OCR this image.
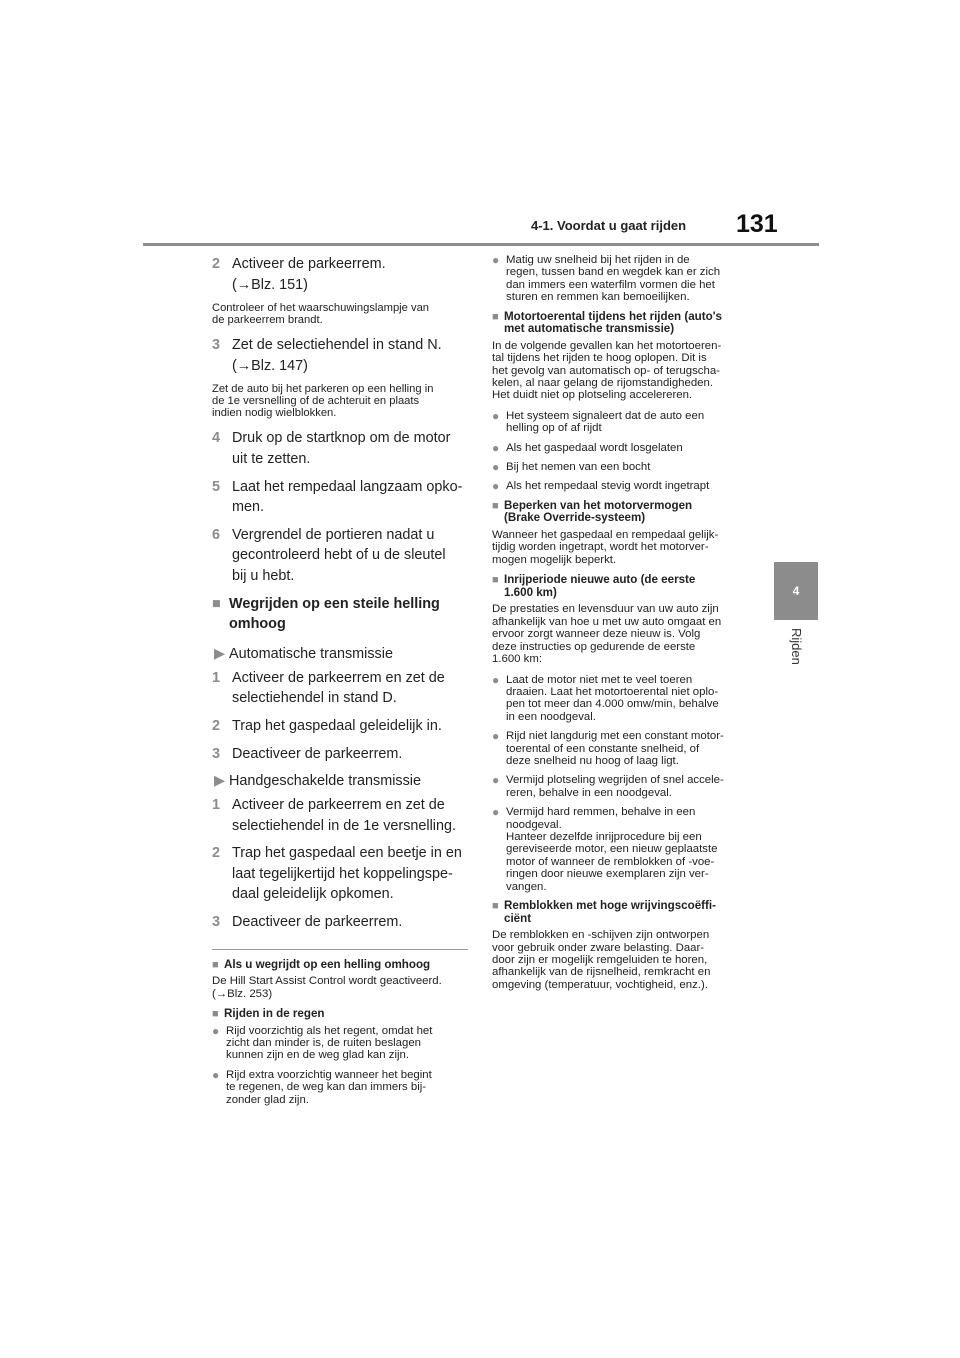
4-1. Voordat u gaat rijden 131
4
Rijden
2 Activeer de parkeerrem.
(→Blz. 151)
Controleer of het waarschuwingslampje van
de parkeerrem brandt.
3 Zet de selectiehendel in stand N.
(→Blz. 147)
Zet de auto bij het parkeren op een helling in
de 1e versnelling of de achteruit en plaats
indien nodig wielblokken.
4 Druk op de startknop om de motor
uit te zetten.
5 Laat het rempedaal langzaam opko-
men.
6 Vergrendel de portieren nadat u
gecontroleerd hebt of u de sleutel
bij u hebt.
■ Wegrijden op een steile helling
omhoog
▶ Automatische transmissie
1 Activeer de parkeerrem en zet de
selectiehendel in stand D.
2 Trap het gaspedaal geleidelijk in.
3 Deactiveer de parkeerrem.
▶ Handgeschakelde transmissie
1 Activeer de parkeerrem en zet de
selectiehendel in de 1e versnelling.
2 Trap het gaspedaal een beetje in en
laat tegelijkertijd het koppelingspe-
daal geleidelijk opkomen.
3 Deactiveer de parkeerrem.
■ Als u wegrijdt op een helling omhoog
De Hill Start Assist Control wordt geactiveerd.
(→Blz. 253)
■ Rijden in de regen
● Rijd voorzichtig als het regent, omdat het
zicht dan minder is, de ruiten beslagen
kunnen zijn en de weg glad kan zijn.
● Rijd extra voorzichtig wanneer het begint
te regenen, de weg kan dan immers bij-
zonder glad zijn.
● Matig uw snelheid bij het rijden in de
regen, tussen band en wegdek kan er zich
dan immers een waterfilm vormen die het
sturen en remmen kan bemoeilijken.
■ Motortoerental tijdens het rijden (auto's
met automatische transmissie)
In de volgende gevallen kan het motortoeren-
tal tijdens het rijden te hoog oplopen. Dit is
het gevolg van automatisch op- of terugscha-
kelen, al naar gelang de rijomstandigheden.
Het duidt niet op plotseling accelereren.
● Het systeem signaleert dat de auto een
helling op of af rijdt
● Als het gaspedaal wordt losgelaten
● Bij het nemen van een bocht
● Als het rempedaal stevig wordt ingetrapt
■ Beperken van het motorvermogen
(Brake Override-systeem)
Wanneer het gaspedaal en rempedaal gelijk-
tijdig worden ingetrapt, wordt het motorver-
mogen mogelijk beperkt.
■ Inrijperiode nieuwe auto (de eerste
1.600 km)
De prestaties en levensduur van uw auto zijn
afhankelijk van hoe u met uw auto omgaat en
ervoor zorgt wanneer deze nieuw is. Volg
deze instructies op gedurende de eerste
1.600 km:
● Laat de motor niet met te veel toeren
draaien. Laat het motortoerental niet oplo-
pen tot meer dan 4.000 omw/min, behalve
in een noodgeval.
● Rijd niet langdurig met een constant motor-
toerental of een constante snelheid, of
deze snelheid nu hoog of laag ligt.
● Vermijd plotseling wegrijden of snel accele-
reren, behalve in een noodgeval.
● Vermijd hard remmen, behalve in een
noodgeval.
Hanteer dezelfde inrijprocedure bij een
gereviseerde motor, een nieuw geplaatste
motor of wanneer de remblokken of -voe-
ringen door nieuwe exemplaren zijn ver-
vangen.
■ Remblokken met hoge wrijvingscoëffi-
ciënt
De remblokken en -schijven zijn ontworpen
voor gebruik onder zware belasting. Daar-
door zijn er mogelijk remgeluiden te horen,
afhankelijk van de rijsnelheid, remkracht en
omgeving (temperatuur, vochtigheid, enz.).
